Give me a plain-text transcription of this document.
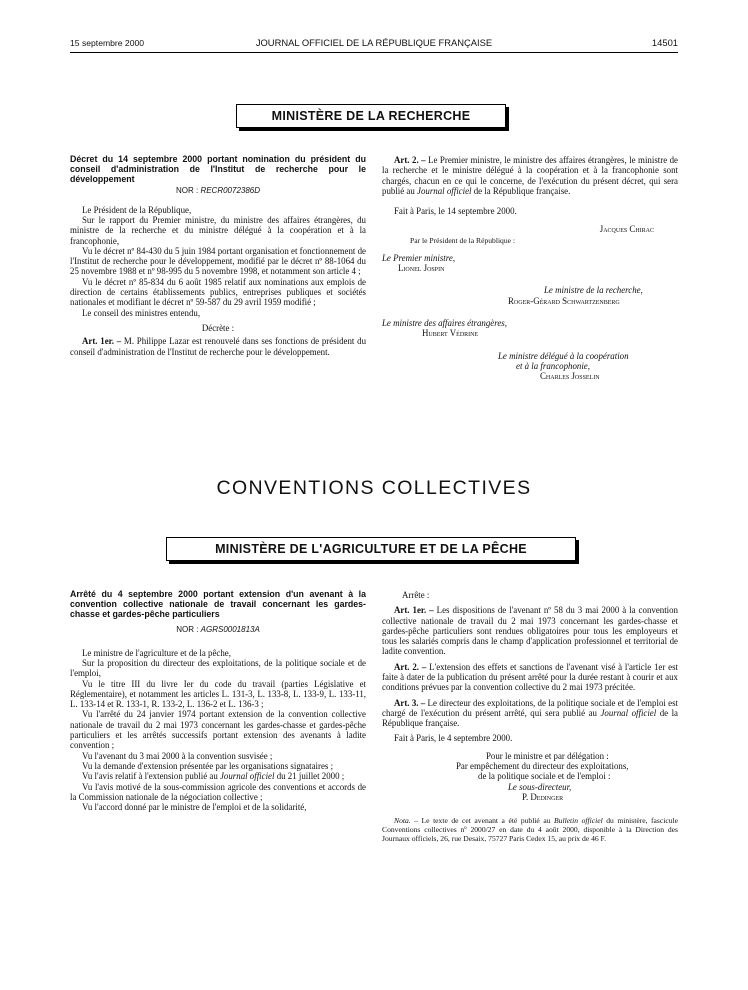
15 septembre 2000	JOURNAL OFFICIEL DE LA RÉPUBLIQUE FRANÇAISE	14501
MINISTÈRE DE LA RECHERCHE

Décret du 14 septembre 2000 portant nomination du président du conseil d'administration de l'Institut de recherche pour le développement

NOR : RECR0072386D

Le Président de la République,

Sur le rapport du Premier ministre, du ministre des affaires étrangères, du ministre de la recherche et du ministre délégué à la coopération et à la francophonie,

Vu le décret nº 84-430 du 5 juin 1984 portant organisation et fonctionnement de l'Institut de recherche pour le développement, modifié par le décret nº 88-1064 du 25 novembre 1988 et nº 98-995 du 5 novembre 1998, et notamment son article 4 ;

Vu le décret nº 85-834 du 6 août 1985 relatif aux nominations aux emplois de direction de certains établissements publics, entreprises publiques et sociétés nationales et modifiant le décret nº 59-587 du 29 avril 1959 modifié ;

Le conseil des ministres entendu,

Décrète :

Art. 1er. – M. Philippe Lazar est renouvelé dans ses fonctions de président du conseil d'administration de l'Institut de recherche pour le développement.

Art. 2. – Le Premier ministre, le ministre des affaires étrangères, le ministre de la recherche et le ministre délégué à la coopération et à la francophonie sont chargés, chacun en ce qui le concerne, de l'exécution du présent décret, qui sera publié au Journal officiel de la République française.

Fait à Paris, le 14 septembre 2000.

Jacques Chirac

Par le Président de la République :

Le Premier ministre,

Lionel Jospin

Le ministre de la recherche,

Roger-Gérard Schwartzenberg

Le ministre des affaires étrangères,

Hubert Védrine

Le ministre délégué à la coopération

et à la francophonie,

Charles Josselin

CONVENTIONS COLLECTIVES
MINISTÈRE DE L'AGRICULTURE ET DE LA PÊCHE

Arrêté du 4 septembre 2000 portant extension d'un avenant à la convention collective nationale de travail concernant les gardes-chasse et gardes-pêche particuliers

NOR : AGRS0001813A

Le ministre de l'agriculture et de la pêche,

Sur la proposition du directeur des exploitations, de la politique sociale et de l'emploi,

Vu le titre III du livre Ier du code du travail (parties Législative et Réglementaire), et notamment les articles L. 131-3, L. 133-8, L. 133-9, L. 133-11, L. 133-14 et R. 133-1, R. 133-2, L. 136-2 et L. 136-3 ;

Vu l'arrêté du 24 janvier 1974 portant extension de la convention collective nationale de travail du 2 mai 1973 concernant les gardes-chasse et gardes-pêche particuliers et les arrêtés successifs portant extension des avenants à ladite convention ;

Vu l'avenant du 3 mai 2000 à la convention susvisée ;

Vu la demande d'extension présentée par les organisations signataires ;

Vu l'avis relatif à l'extension publié au Journal officiel du 21 juillet 2000 ;

Vu l'avis motivé de la sous-commission agricole des conventions et accords de la Commission nationale de la négociation collective ;

Vu l'accord donné par le ministre de l'emploi et de la solidarité,

Arrête :

Art. 1er. – Les dispositions de l'avenant nº 58 du 3 mai 2000 à la convention collective nationale de travail du 2 mai 1973 concernant les gardes-chasse et gardes-pêche particuliers sont rendues obligatoires pour tous les employeurs et tous les salariés compris dans le champ d'application professionnel et territorial de ladite convention.

Art. 2. – L'extension des effets et sanctions de l'avenant visé à l'article 1er est faite à dater de la publication du présent arrêté pour la durée restant à courir et aux conditions prévues par la convention collective du 2 mai 1973 précitée.

Art. 3. – Le directeur des exploitations, de la politique sociale et de l'emploi est chargé de l'exécution du présent arrêté, qui sera publié au Journal officiel de la République française.

Fait à Paris, le 4 septembre 2000.

Pour le ministre et par délégation :

Par empêchement du directeur des exploitations,

de la politique sociale et de l'emploi :

Le sous-directeur,

P. Dedinger

Nota. – Le texte de cet avenant a été publié au Bulletin officiel du ministère, fascicule Conventions collectives nº 2000/27 en date du 4 août 2000, disponible à la Direction des Journaux officiels, 26, rue Desaix, 75727 Paris Cedex 15, au prix de 46 F.
